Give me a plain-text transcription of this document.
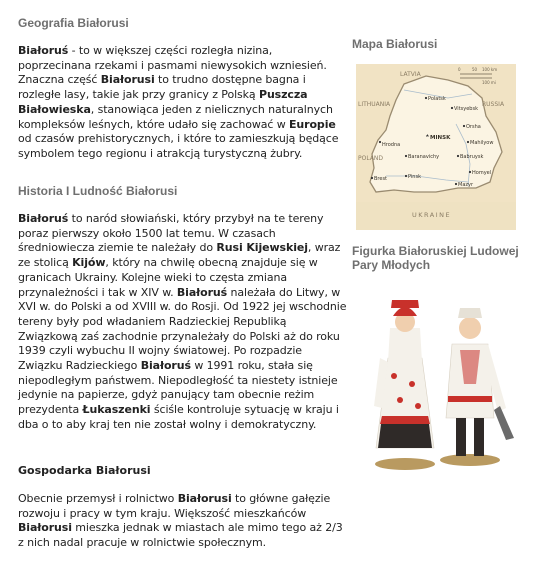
Geografia Białorusi

Białoruś - to w większej części rozległa nizina, poprzecinana rzekami i pasmami niewysokich wzniesień. Znaczna część Białorusi to trudno dostępne bagna i rozległe lasy, takie jak przy granicy z Polską Puszcza Białowieska, stanowiąca jeden z nielicznych naturalnych kompleksów leśnych, które udało się zachować w Europie od czasów prehistorycznych, i które to zamieszkują będące symbolem tego regionu i atrakcją turystyczną żubry.

Historia I Ludność Białorusi

Białoruś to naród słowiański, który przybył na te tereny poraz pierwszy około 1500 lat temu. W czasach średniowiecza ziemie te należały do Rusi Kijewskiej, wraz ze stolicą Kijów, który na chwilę obecną znajduje się w granicach Ukrainy. Kolejne wieki to częsta zmiana przynależności i tak w XIV w. Białoruś należała do Litwy, w XVI w. do Polski a od XVIII w. do Rosji. Od 1922 jej wschodnie tereny były pod władaniem Radzieckiej Republiką Związkową zaś zachodnie przynależały do Polski aż do roku 1939 czyli wybuchu II wojny światowej. Po rozpadzie Związku Radzieckiego Białoruś w 1991 roku, stała się niepodległym państwem. Niepodległość ta niestety istnieje jedynie na papierze, gdyż panujący tam obecnie reżim prezydenta Łukaszenki ściśle kontroluje sytuację w kraju i dba o to aby kraj ten nie został wolny i demokratyczny.

Gospodarka Białorusi

Obecnie przemysł i rolnictwo Białorusi to główne gałęzie rozwoju i pracy w tym kraju. Większość mieszkańców Białorusi mieszka jednak w miastach ale mimo tego aż 2/3 z nich nadal pracuje w rolnictwie społecznym.

Mapa Białorusi
LATVIA
LITHUANIA	RUSSIA
POLAND
UKRAINE
0	50 100 km
100 mi
Polatsk
Vitsyebsk
Hrodna
MINSK
Mahilyow
Orsha
Baranavichy	Babruysk
Homyel
Brest	Pinsk
Mazyr
Figurka Białoruskiej Ludowej Pary Młodych
